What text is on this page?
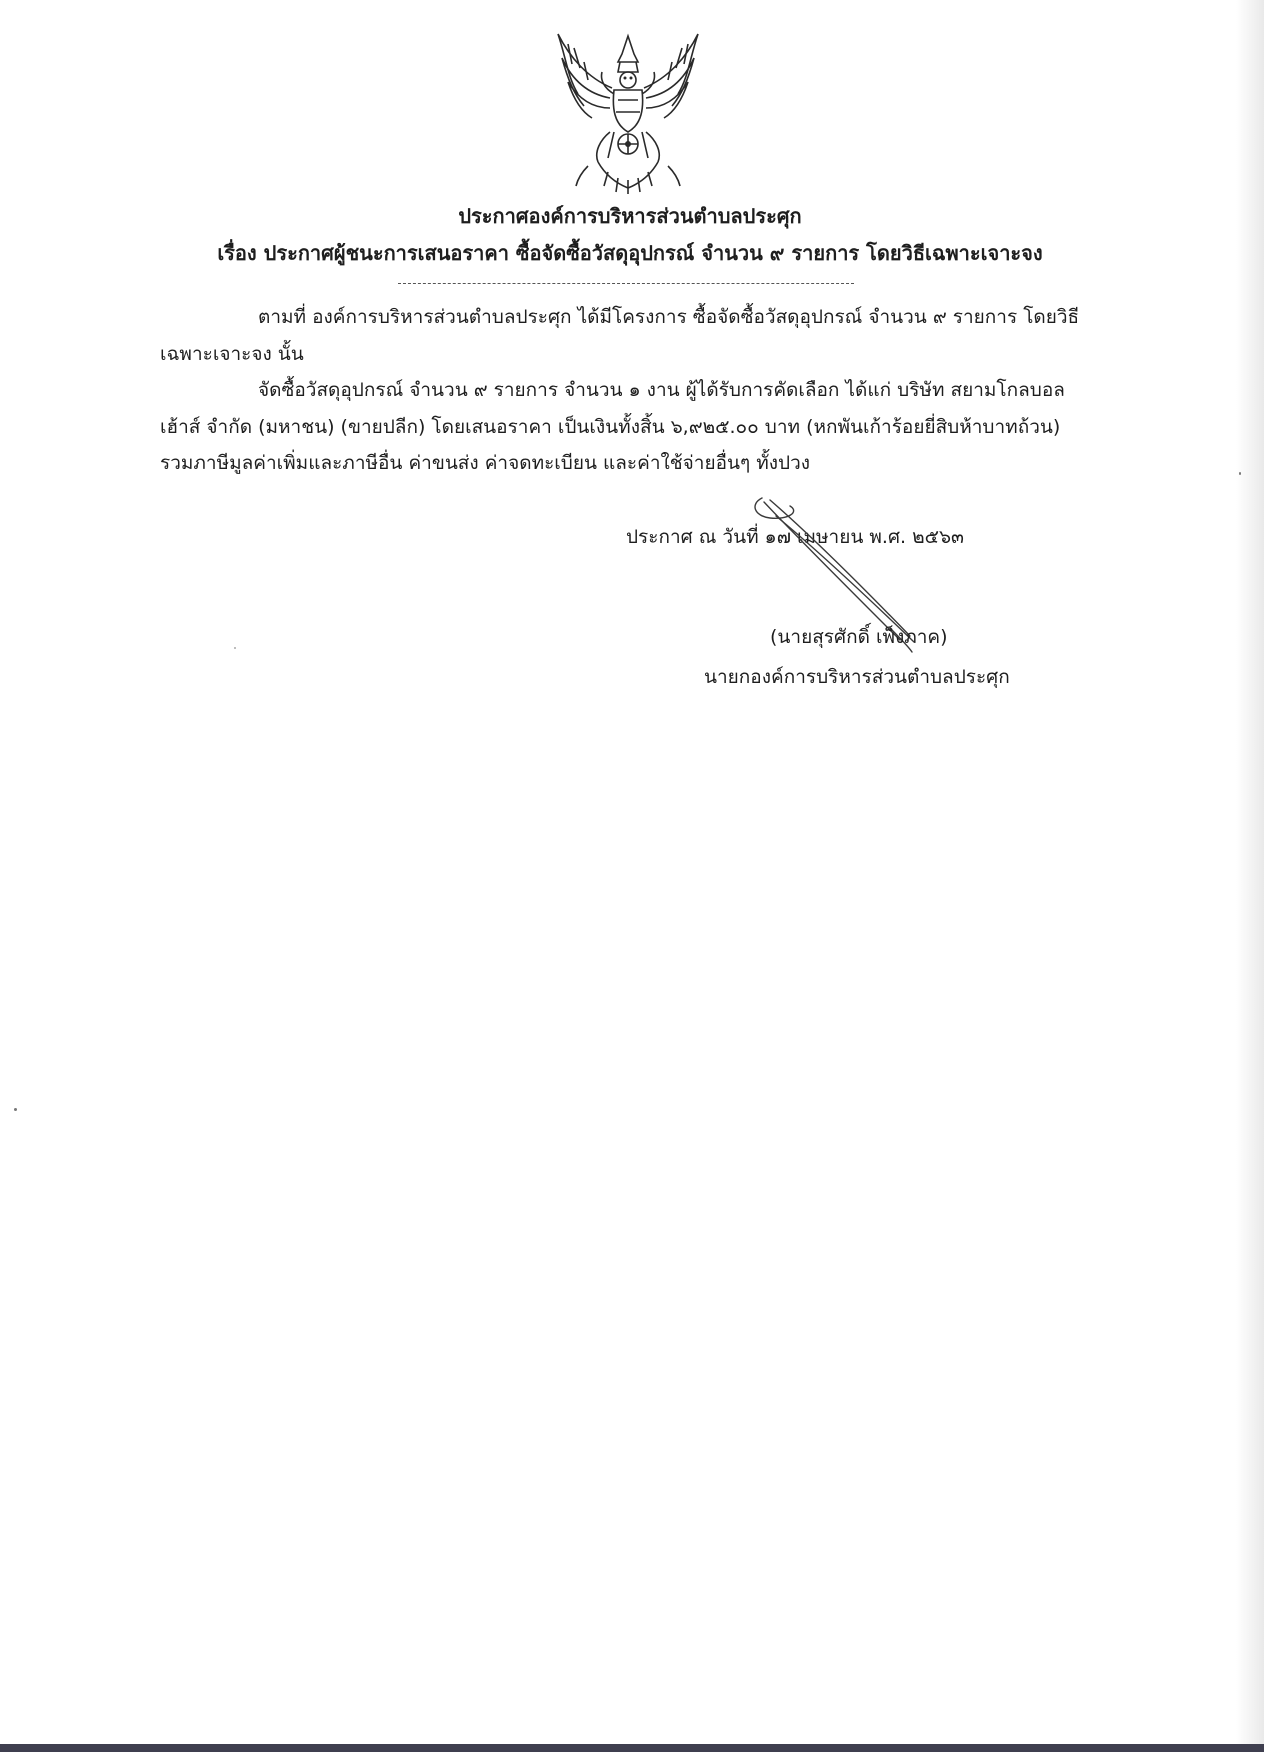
ประกาศองค์การบริหารส่วนตำบลประศุก
เรื่อง ประกาศผู้ชนะการเสนอราคา ซื้อจัดซื้อวัสดุอุปกรณ์ จำนวน ๙ รายการ โดยวิธีเฉพาะเจาะจง
ตามที่ องค์การบริหารส่วนตำบลประศุก ได้มีโครงการ ซื้อจัดซื้อวัสดุอุปกรณ์ จำนวน ๙ รายการ โดยวิธี
เฉพาะเจาะจง นั้น
จัดซื้อวัสดุอุปกรณ์ จำนวน ๙ รายการ จำนวน ๑ งาน ผู้ได้รับการคัดเลือก ได้แก่ บริษัท สยามโกลบอล
เฮ้าส์ จำกัด (มหาชน) (ขายปลีก) โดยเสนอราคา เป็นเงินทั้งสิ้น ๖,๙๒๕.๐๐ บาท (หกพันเก้าร้อยยี่สิบห้าบาทถ้วน)
รวมภาษีมูลค่าเพิ่มและภาษีอื่น ค่าขนส่ง ค่าจดทะเบียน และค่าใช้จ่ายอื่นๆ ทั้งปวง
ประกาศ ณ วันที่ ๑๗ เมษายน พ.ศ. ๒๕๖๓
(นายสุรศักดิ์ เพ็งภาค)
นายกองค์การบริหารส่วนตำบลประศุก
